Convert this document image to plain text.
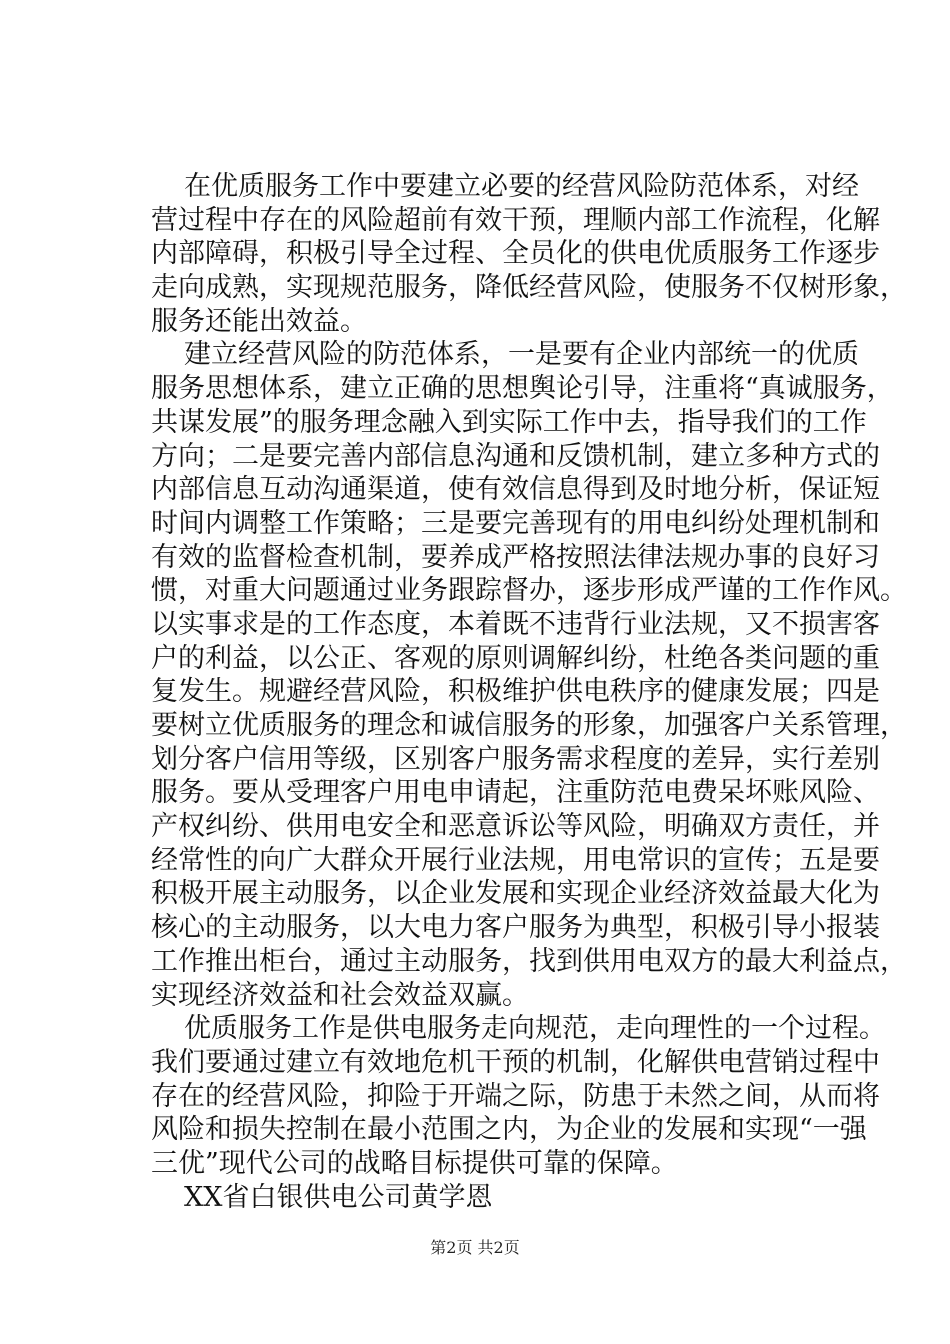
在优质服务工作中要建立必要的经营风险防范体系，对经
营过程中存在的风险超前有效干预，理顺内部工作流程，化解
内部障碍，积极引导全过程、全员化的供电优质服务工作逐步
走向成熟，实现规范服务，降低经营风险，使服务不仅树形象，
服务还能出效益。
建立经营风险的防范体系，一是要有企业内部统一的优质
服务思想体系，建立正确的思想舆论引导，注重将“真诚服务，
共谋发展”的服务理念融入到实际工作中去，指导我们的工作
方向；二是要完善内部信息沟通和反馈机制，建立多种方式的
内部信息互动沟通渠道，使有效信息得到及时地分析，保证短
时间内调整工作策略；三是要完善现有的用电纠纷处理机制和
有效的监督检查机制，要养成严格按照法律法规办事的良好习
惯，对重大问题通过业务跟踪督办，逐步形成严谨的工作作风。
以实事求是的工作态度，本着既不违背行业法规，又不损害客
户的利益，以公正、客观的原则调解纠纷，杜绝各类问题的重
复发生。规避经营风险，积极维护供电秩序的健康发展；四是
要树立优质服务的理念和诚信服务的形象，加强客户关系管理，
划分客户信用等级，区别客户服务需求程度的差异，实行差别
服务。要从受理客户用电申请起，注重防范电费呆坏账风险、
产权纠纷、供用电安全和恶意诉讼等风险，明确双方责任，并
经常性的向广大群众开展行业法规，用电常识的宣传；五是要
积极开展主动服务，以企业发展和实现企业经济效益最大化为
核心的主动服务，以大电力客户服务为典型，积极引导小报装
工作推出柜台，通过主动服务，找到供用电双方的最大利益点，
实现经济效益和社会效益双赢。
优质服务工作是供电服务走向规范，走向理性的一个过程。
我们要通过建立有效地危机干预的机制，化解供电营销过程中
存在的经营风险，抑险于开端之际，防患于未然之间，从而将
风险和损失控制在最小范围之内，为企业的发展和实现“一强
三优”现代公司的战略目标提供可靠的保障。
XX省白银供电公司黄学恩
第2页 共2页
